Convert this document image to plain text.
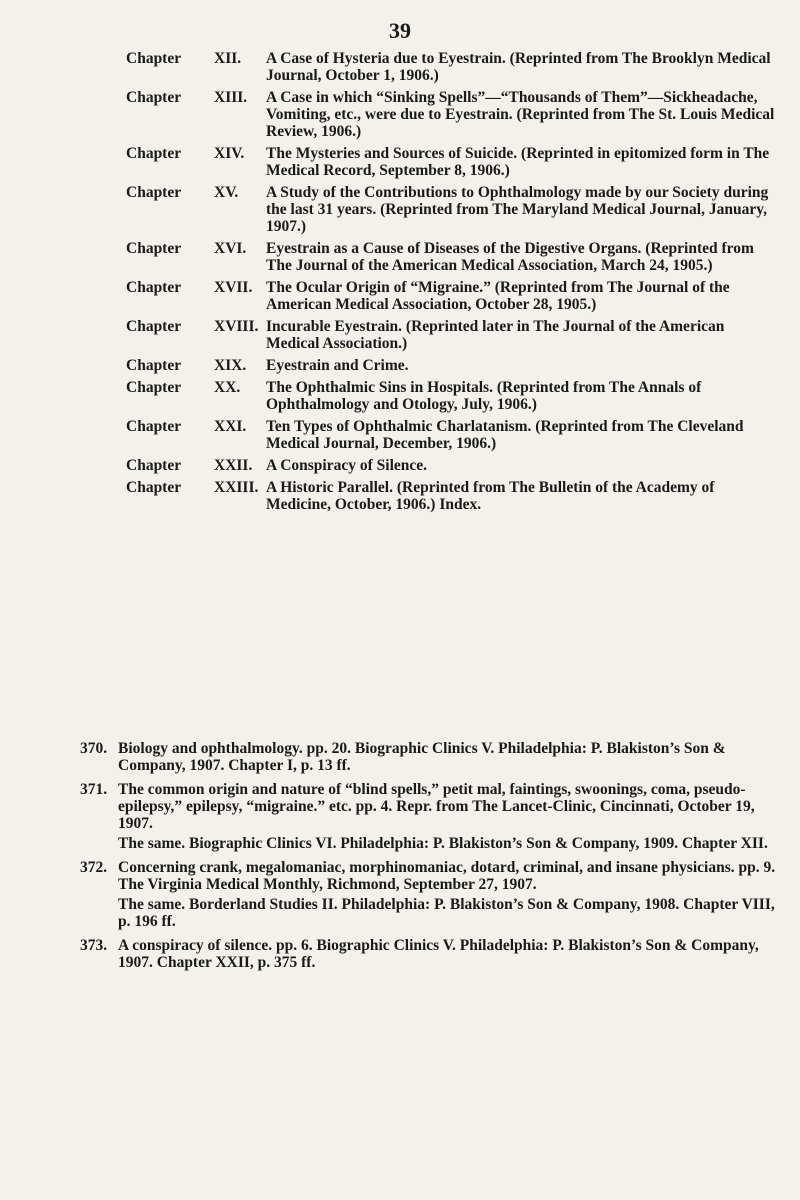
39
Chapter	XII.	A Case of Hysteria due to Eyestrain. (Reprinted from The Brooklyn Medical Journal, October 1, 1906.)
Chapter	XIII.	A Case in which “Sinking Spells”—“Thousands of Them”—Sickheadache, Vomiting, etc., were due to Eyestrain. (Reprinted from The St. Louis Medical Review, 1906.)
Chapter	XIV.	The Mysteries and Sources of Suicide. (Reprinted in epitomized form in The Medical Record, September 8, 1906.)
Chapter	XV.	A Study of the Contributions to Ophthalmology made by our Society during the last 31 years. (Reprinted from The Maryland Medical Journal, January, 1907.)
Chapter	XVI.	Eyestrain as a Cause of Diseases of the Digestive Organs. (Reprinted from The Journal of the American Medical Association, March 24, 1905.)
Chapter	XVII. The Ocular Origin of “Migraine.” (Reprinted from The Journal of the American Medical Association, October 28, 1905.)
Chapter	XVIII. Incurable Eyestrain. (Reprinted later in The Journal of the American Medical Association.)
Chapter	XIX.	Eyestrain and Crime.
Chapter	XX.	The Ophthalmic Sins in Hospitals. (Reprinted from The Annals of Ophthalmology and Otology, July, 1906.)
Chapter	XXI.	Ten Types of Ophthalmic Charlatanism. (Reprinted from The Cleveland Medical Journal, December, 1906.)
Chapter	XXII. A Conspiracy of Silence.
Chapter	XXIII. A Historic Parallel. (Reprinted from The Bulletin of the Academy of Medicine, October, 1906.) Index.
370. Biology and ophthalmology. pp. 20. Biographic Clinics V. Philadelphia: P. Blakiston’s Son & Company, 1907. Chapter I, p. 13 ff.

371. The common origin and nature of “blind spells,” petit mal, faintings, swoonings, coma, pseudo-epilepsy,” epilepsy, “migraine.” etc. pp. 4. Repr. from The Lancet-Clinic, Cincinnati, October 19, 1907.

The same. Biographic Clinics VI. Philadelphia: P. Blakiston’s Son & Company, 1909. Chapter XII.

372. Concerning crank, megalomaniac, morphinomaniac, dotard, criminal, and insane physicians. pp. 9. The Virginia Medical Monthly, Richmond, September 27, 1907.

The same. Borderland Studies II. Philadelphia: P. Blakiston’s Son & Company, 1908. Chapter VIII, p. 196 ff.

373. A conspiracy of silence. pp. 6. Biographic Clinics V. Philadelphia: P. Blakiston’s Son & Company, 1907. Chapter XXII, p. 375 ff.
